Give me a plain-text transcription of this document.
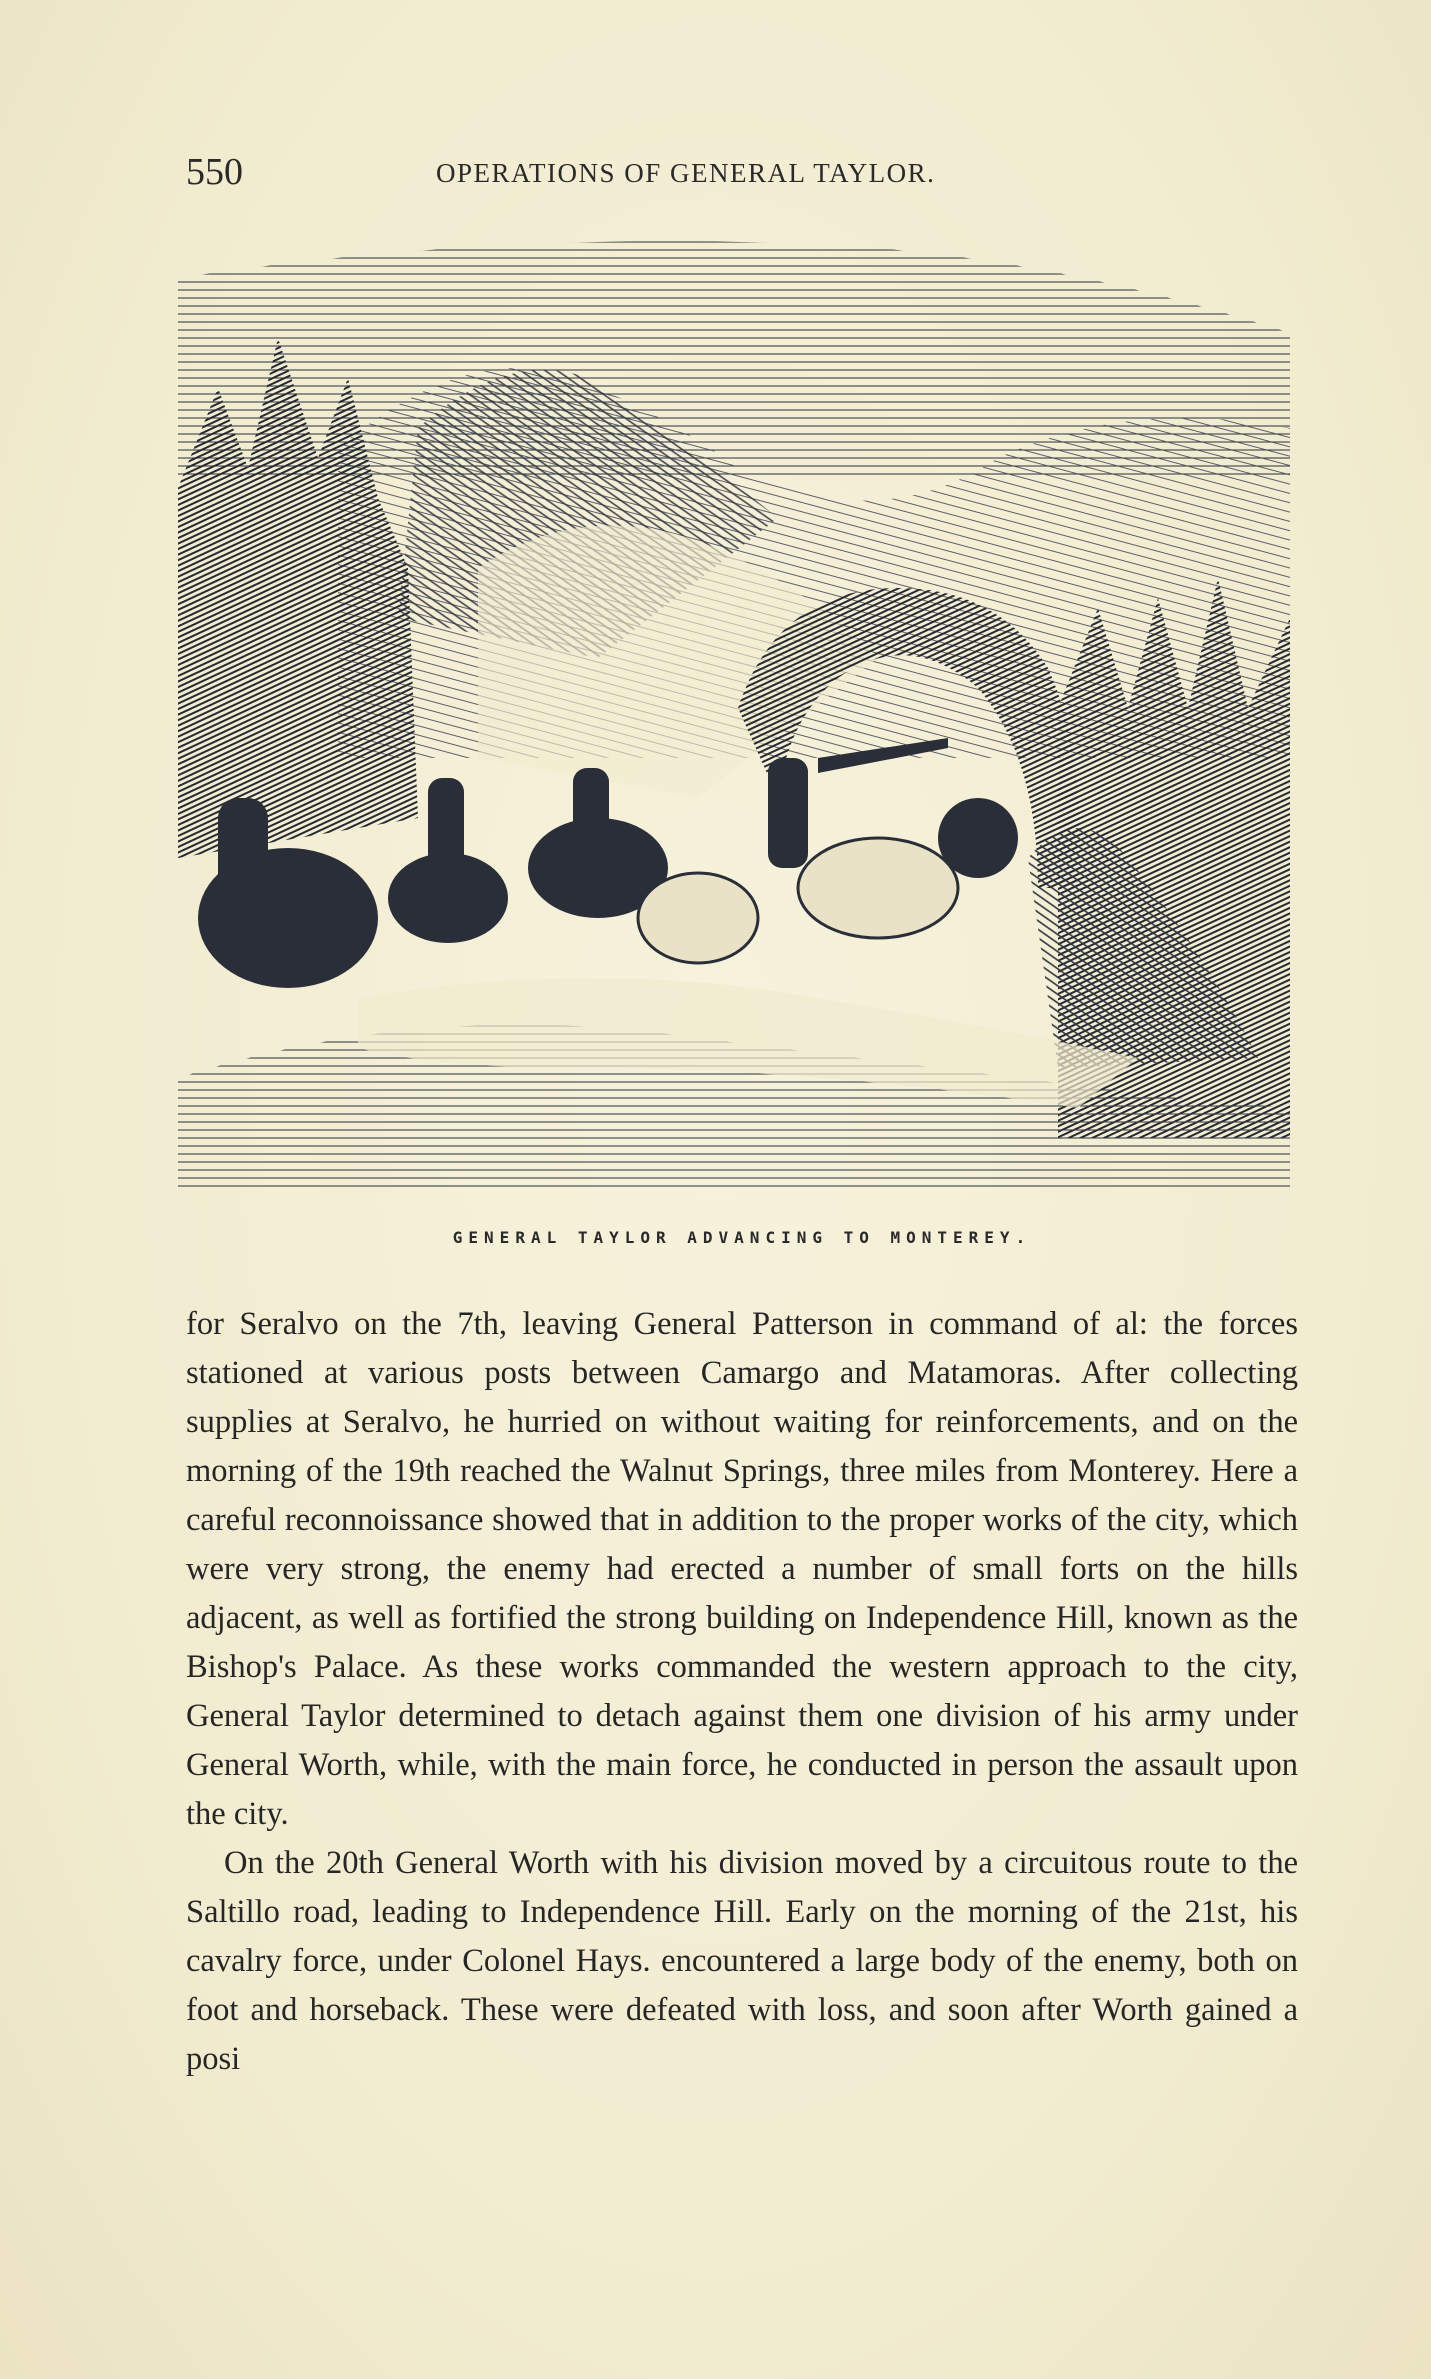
550	OPERATIONS OF GENERAL TAYLOR.
GENERAL TAYLOR ADVANCING TO MONTEREY.

for Seralvo on the 7th, leaving General Patterson in command of al: the forces stationed at various posts between Camargo and Matamoras. After collecting supplies at Seralvo, he hurried on without waiting for reinforcements, and on the morning of the 19th reached the Walnut Springs, three miles from Monterey. Here a careful reconnoissance showed that in addition to the proper works of the city, which were very strong, the enemy had erected a number of small forts on the hills adjacent, as well as fortified the strong building on Independence Hill, known as the Bishop's Palace. As these works commanded the western approach to the city, General Taylor determined to detach against them one division of his army under General Worth, while, with the main force, he conducted in person the assault upon the city.

On the 20th General Worth with his division moved by a circuitous route to the Saltillo road, leading to Independence Hill. Early on the morning of the 21st, his cavalry force, under Colonel Hays. encountered a large body of the enemy, both on foot and horseback. These were defeated with loss, and soon after Worth gained a posi
